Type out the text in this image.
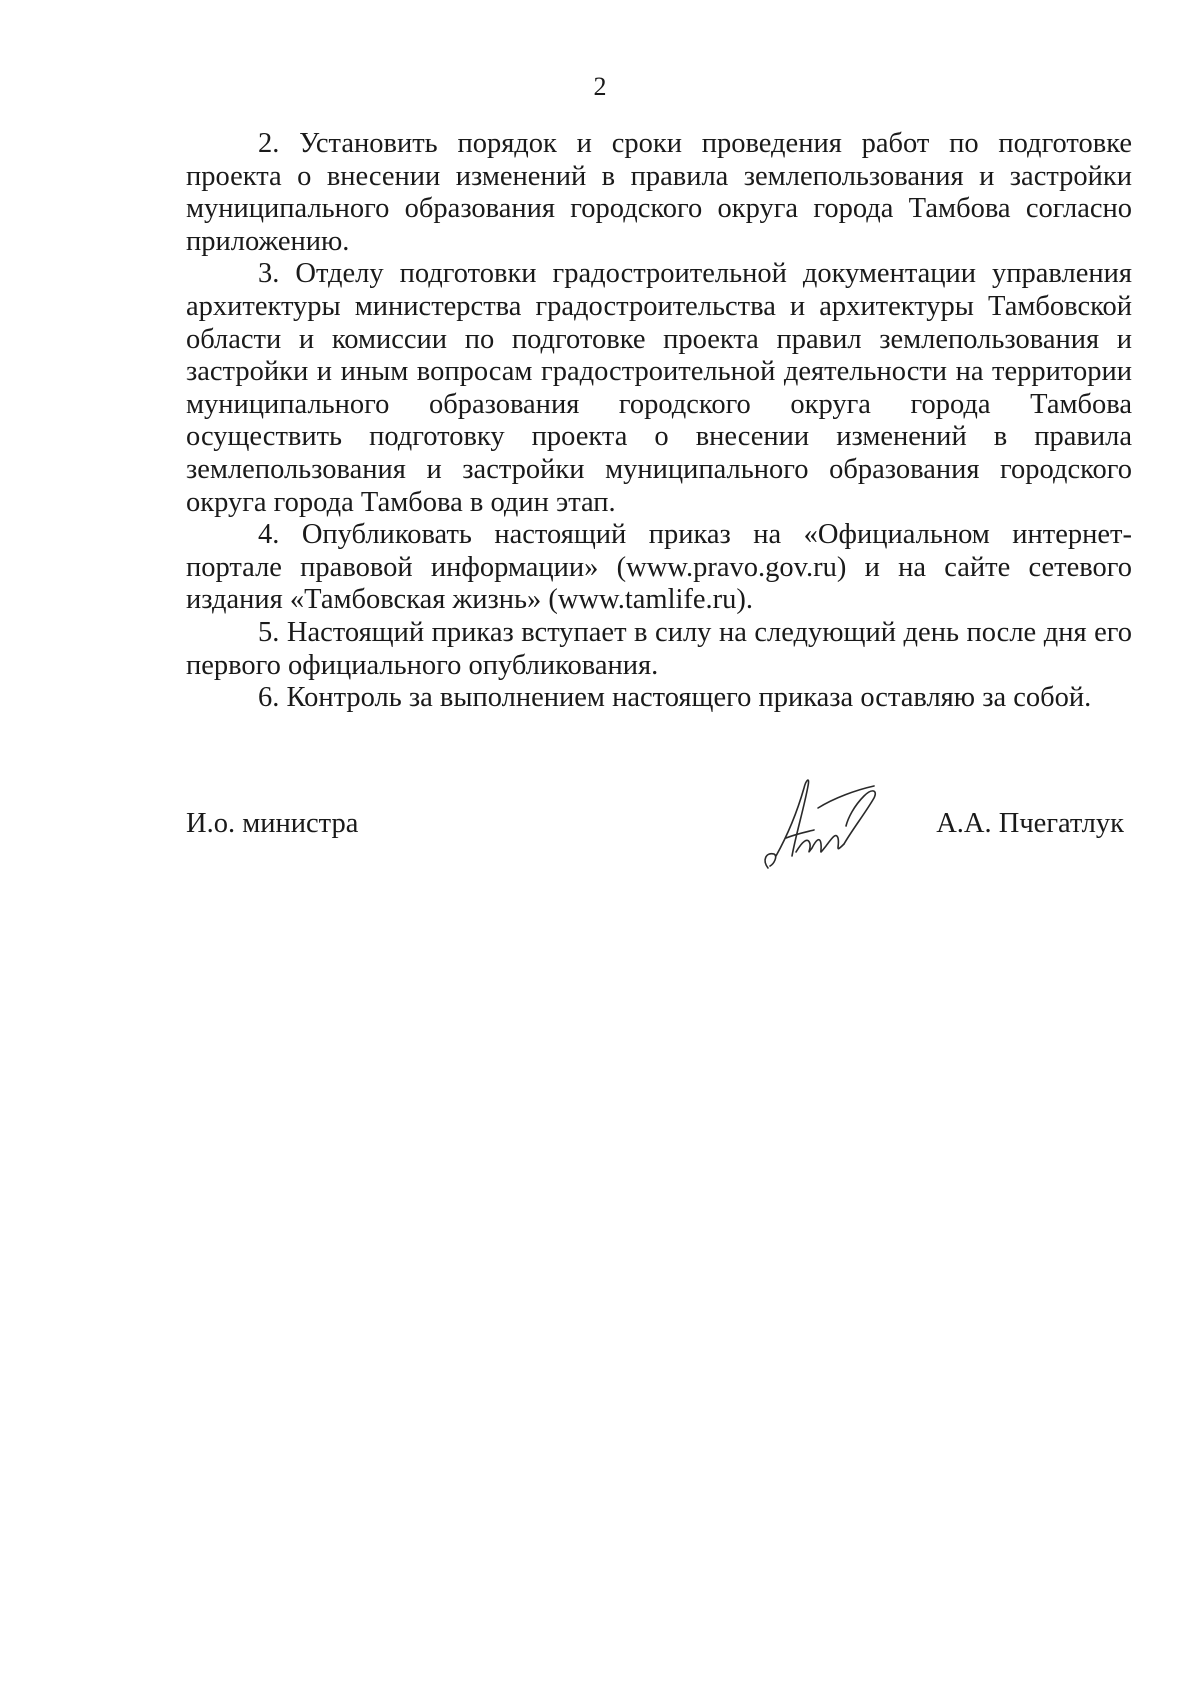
2

2. Установить порядок и сроки проведения работ по подготовке проекта о внесении изменений в правила землепользования и застройки муниципального образования городского округа города Тамбова согласно приложению.

3. Отделу подготовки градостроительной документации управления архитектуры министерства градостроительства и архитектуры Тамбовской области и комиссии по подготовке проекта правил землепользования и застройки и иным вопросам градостроительной деятельности на территории муниципального образования городского округа города Тамбова осуществить подготовку проекта о внесении изменений в правила землепользования и застройки муниципального образования городского округа города Тамбова в один этап.

4. Опубликовать настоящий приказ на «Официальном интернет-портале правовой информации» (www.pravo.gov.ru) и на сайте сетевого издания «Тамбовская жизнь» (www.tamlife.ru).

5. Настоящий приказ вступает в силу на следующий день после дня его первого официального опубликования.

6. Контроль за выполнением настоящего приказа оставляю за собой.

И.о. министра	А.А. Пчегатлук
